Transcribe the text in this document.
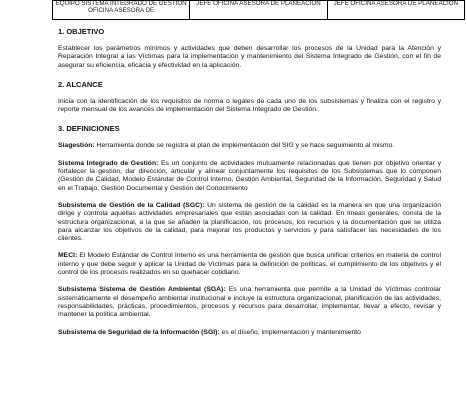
EQUIPO SISTEMA INTEGRADO DE GESTIÓN OFICINA ASESORA DE	JEFE OFICINA ASESORA DE PLANEACIÓN	JEFE OFICINA ASESORA DE PLANEACIÓN
1. OBJETIVO

Establecer los parámetros mínimos y actividades que deben desarrollar los procesos de la Unidad para la Atención y Reparación Integral a las Víctimas para la implementación y mantenimiento del Sistema Integrado de Gestión, con el fin de asegurar su eficiencia, eficacia y efectividad en la aplicación.

2. ALCANCE

Inicia con la identificación de los requisitos de norma o legales de cada uno de los subsistemas y finaliza con el registro y reporte mensual de los avances de implementación del Sistema Integrado de Gestión.

3. DEFINICIONES

Siagestión: Herramienta donde se registra el plan de implementación del SIG y se hace seguimiento al mismo.

Sistema Integrado de Gestión: Es un conjunto de actividades mutuamente relacionadas que tienen por objetivo orientar y fortalecer la gestión, dar dirección, articular y alinear conjuntamente los requisitos de los Subsistemas que lo componen (Gestión de Calidad, Modelo Estándar de Control Interno, Gestión Ambiental, Seguridad de la Información, Seguridad y Salud en el Trabajo, Gestión Documental y Gestión del Conocimiento

Subsistema de Gestión de la Calidad (SGC): Un sistema de gestión de la calidad es la manera en que una organización dirige y controla aquellas actividades empresariales que están asociadas con la calidad. En líneas generales, consta de la estructura organizacional, a la que se añaden la planificación, los procesos, los recursos y la documentación que se utiliza para alcanzar los objetivos de la calidad, para mejorar los productos y servicios y para satisfacer las necesidades de los clientes.

MECI: El Modelo Estándar de Control Interno es una herramienta de gestión que busca unificar criterios en materia de control interno y que debe seguir y aplicar la Unidad de Víctimas para la definición de políticas, el cumplimiento de los objetivos y el control de los procesos realizados en su quehacer cotidiano.

Subsistema Sistema de Gestión Ambiental (SGA): Es una herramienta que permite a la Unidad de Víctimas controlar sistemáticamente el desempeño ambiental institucional e incluye la estructura organizacional, planificación de las actividades, responsabilidades, prácticas, procedimientos, procesos y recursos para desarrollar, implementar, llevar a efecto, revisar y mantener la política ambiental.

Subsistema de Seguridad de la Información (SGI): es el diseño, implementación y mantenimiento
